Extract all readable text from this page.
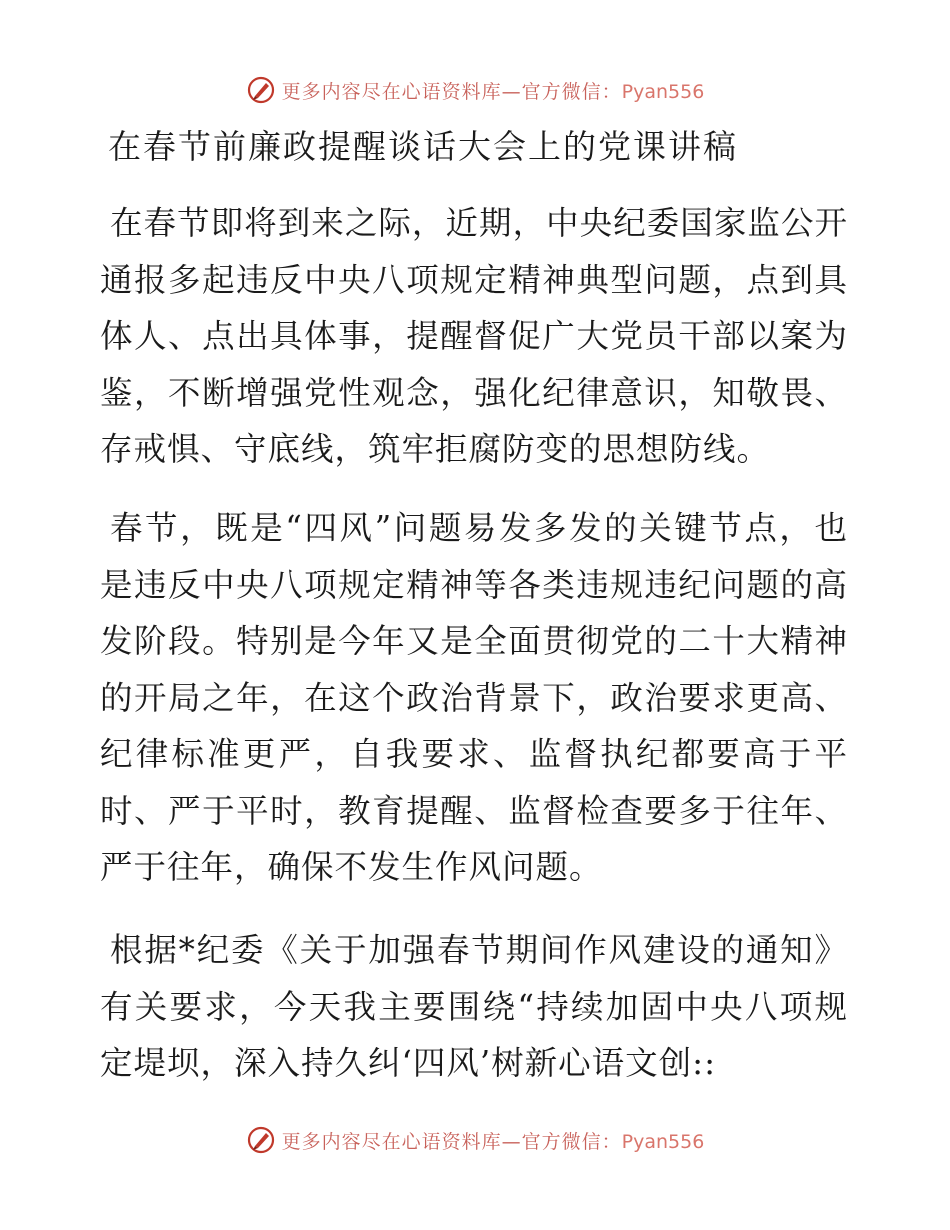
更多内容尽在心语资料库—官方微信：Pyan556
在春节前廉政提醒谈话大会上的党课讲稿
在春节即将到来之际，近期，中央纪委国家监公开通报多起违反中央八项规定精神典型问题，点到具体人、点出具体事，提醒督促广大党员干部以案为鉴，不断增强党性观念，强化纪律意识，知敬畏、存戒惧、守底线，筑牢拒腐防变的思想防线。
春节，既是“四风”问题易发多发的关键节点，也是违反中央八项规定精神等各类违规违纪问题的高发阶段。特别是今年又是全面贯彻党的二十大精神的开局之年，在这个政治背景下，政治要求更高、纪律标准更严，自我要求、监督执纪都要高于平时、严于平时，教育提醒、监督检查要多于往年、严于往年，确保不发生作风问题。
根据*纪委《关于加强春节期间作风建设的通知》有关要求，今天我主要围绕“持续加固中央八项规定堤坝，深入持久纠‘四风’树新心语文创::
更多内容尽在心语资料库—官方微信：Pyan556
